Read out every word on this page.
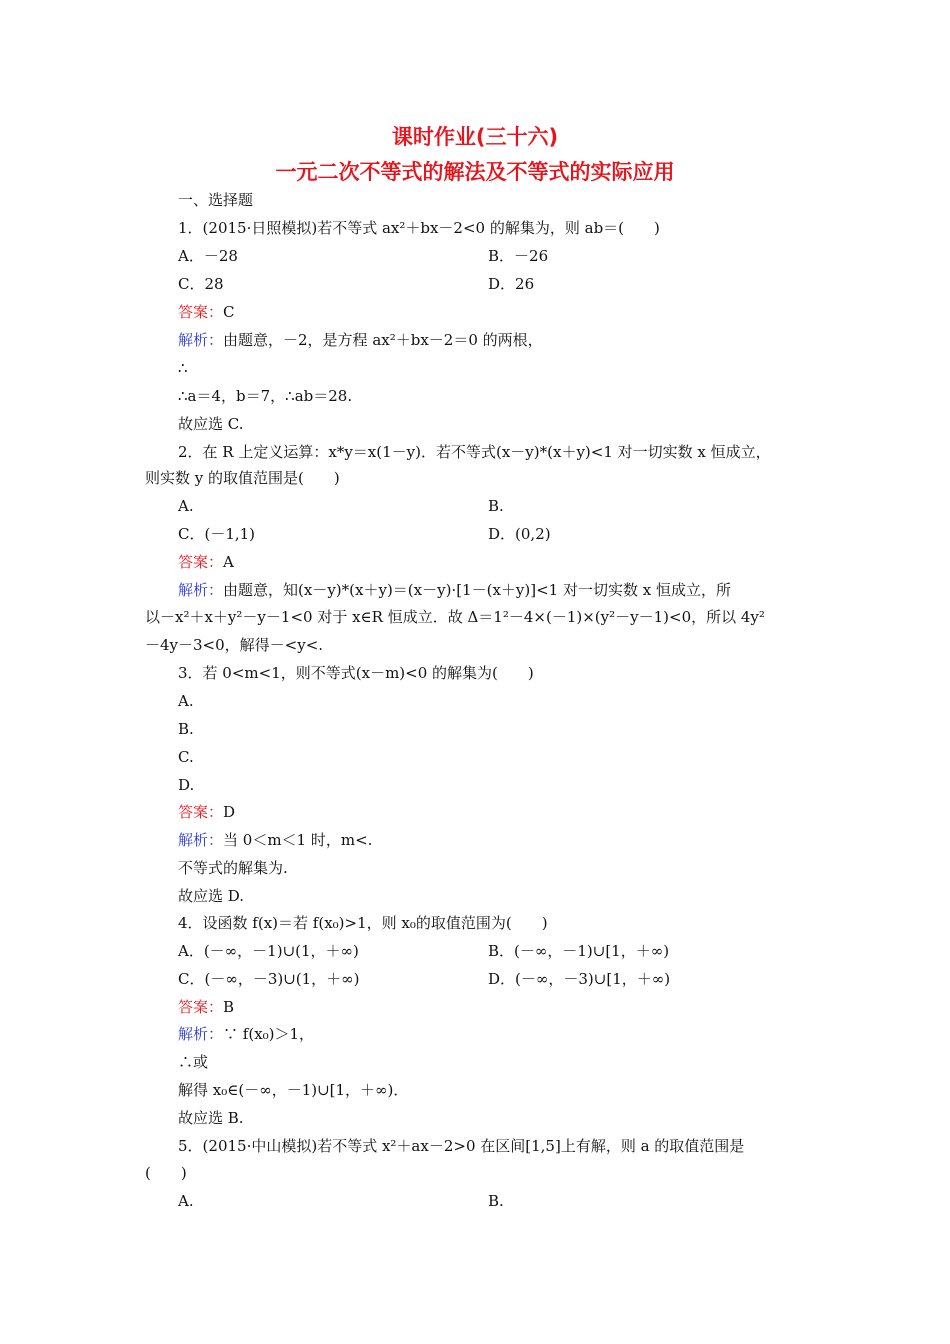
课时作业(三十六)
一元二次不等式的解法及不等式的实际应用
一、选择题
1．(2015·日照模拟)若不等式 ax²＋bx－2<0 的解集为，则 ab＝(　　)
A．－28	B．－26
C．28	D．26
答案：C
解析：由题意，－2，是方程 ax²＋bx－2＝0 的两根，
∴
∴a＝4，b＝7，∴ab＝28.
故应选 C.
2．在 R 上定义运算：x*y＝x(1－y)．若不等式(x－y)*(x＋y)<1 对一切实数 x 恒成立，
则实数 y 的取值范围是(　　)
A.	B.
C．(－1,1)	D．(0,2)
答案：A
解析：由题意，知(x－y)*(x＋y)＝(x－y)·[1－(x＋y)]<1 对一切实数 x 恒成立，所
以－x²＋x＋y²－y－1<0 对于 x∈R 恒成立．故 Δ＝1²－4×(－1)×(y²－y－1)<0，所以 4y²
－4y－3<0，解得－<y<.
3．若 0<m<1，则不等式(x－m)<0 的解集为(　　)
A.
B.
C.
D.
答案：D
解析：当 0＜m＜1 时，m<.
不等式的解集为.
故应选 D.
4．设函数 f(x)＝若 f(x₀)>1，则 x₀的取值范围为(　　)
A．(－∞，－1)∪(1，＋∞)	B．(－∞，－1)∪[1，＋∞)
C．(－∞，－3)∪(1，＋∞)	D．(－∞，－3)∪[1，＋∞)
答案：B
解析：∵ f(x₀)＞1，
∴或
解得 x₀∈(－∞，－1)∪[1，＋∞)．
故应选 B.
5．(2015·中山模拟)若不等式 x²＋ax－2>0 在区间[1,5]上有解，则 a 的取值范围是
(　　)
A.	B.
